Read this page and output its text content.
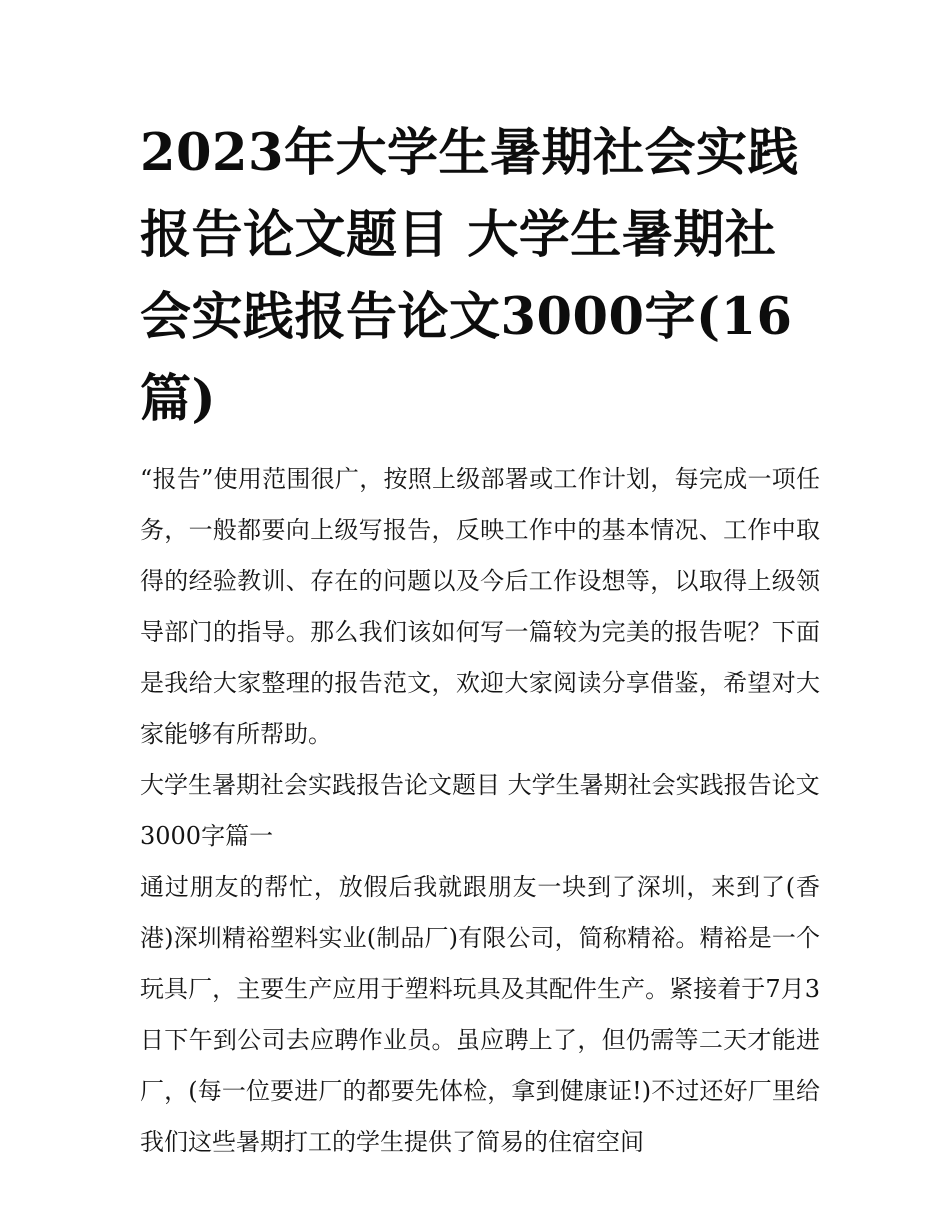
2023年大学生暑期社会实践报告论文题目 大学生暑期社会实践报告论文3000字(16篇)

“报告”使用范围很广，按照上级部署或工作计划，每完成一项任务，一般都要向上级写报告，反映工作中的基本情况、工作中取得的经验教训、存在的问题以及今后工作设想等，以取得上级领导部门的指导。那么我们该如何写一篇较为完美的报告呢？下面是我给大家整理的报告范文，欢迎大家阅读分享借鉴，希望对大家能够有所帮助。

大学生暑期社会实践报告论文题目 大学生暑期社会实践报告论文3000字篇一

通过朋友的帮忙，放假后我就跟朋友一块到了深圳，来到了(香港)深圳精裕塑料实业(制品厂)有限公司，简称精裕。精裕是一个玩具厂，主要生产应用于塑料玩具及其配件生产。紧接着于7月3日下午到公司去应聘作业员。虽应聘上了，但仍需等二天才能进厂，(每一位要进厂的都要先体检，拿到健康证!)不过还好厂里给我们这些暑期打工的学生提供了简易的住宿空间
